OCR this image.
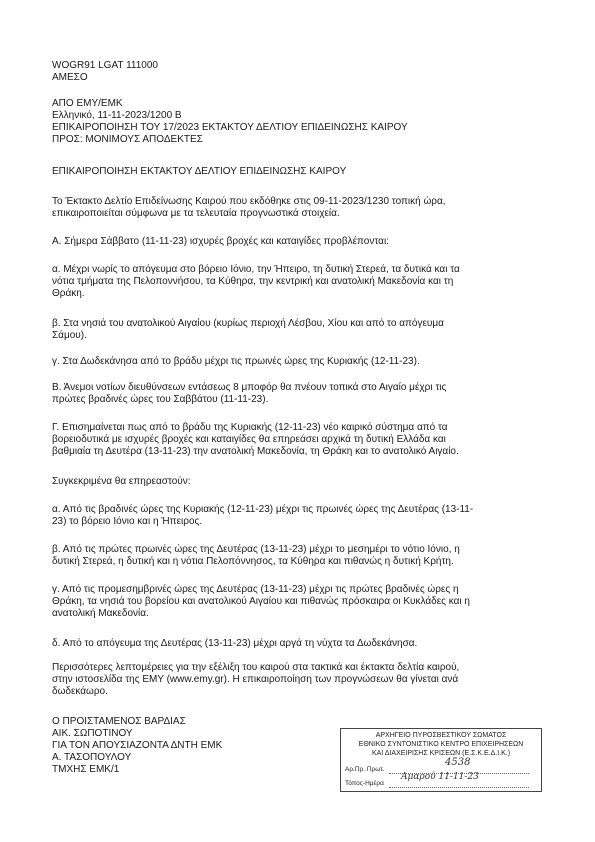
WOGR91 LGAT 111000
ΑΜΕΣΟ
ΑΠΟ ΕΜΥ/ΕΜΚ
Ελληνικό, 11-11-2023/1200 Β
ΕΠΙΚΑΙΡΟΠΟΙΗΣΗ ΤΟΥ 17/2023 ΕΚΤΑΚΤΟΥ ΔΕΛΤΙΟΥ ΕΠΙΔΕΙΝΩΣΗΣ ΚΑΙΡΟΥ
ΠΡΟΣ: ΜΟΝΙΜΟΥΣ ΑΠΟΔΕΚΤΕΣ
ΕΠΙΚΑΙΡΟΠΟΙΗΣΗ ΕΚΤΑΚΤΟΥ ΔΕΛΤΙΟΥ ΕΠΙΔΕΙΝΩΣΗΣ ΚΑΙΡΟΥ
Το Έκτακτο Δελτίο Επιδείνωσης Καιρού που εκδόθηκε στις 09-11-2023/1230 τοπική ώρα,
επικαιροποιείται σύμφωνα με τα τελευταία προγνωστικά στοιχεία.
Α. Σήμερα Σάββατο (11-11-23) ισχυρές βροχές και καταιγίδες προβλέπονται:
α. Μέχρι νωρίς το απόγευμα στο βόρειο Ιόνιο, την Ήπειρο, τη δυτική Στερεά, τα δυτικά και τα
νότια τμήματα της Πελοποννήσου, τα Κύθηρα, την κεντρική και ανατολική Μακεδονία και τη
Θράκη.
β. Στα νησιά του ανατολικού Αιγαίου (κυρίως περιοχή Λέσβου, Χίου και από το απόγευμα
Σάμου).
γ. Στα Δωδεκάνησα από το βράδυ μέχρι τις πρωινές ώρες της Κυριακής (12-11-23).
Β. Άνεμοι νοτίων διευθύνσεων εντάσεως 8 μποφόρ θα πνέουν τοπικά στο Αιγαίο μέχρι τις
πρώτες βραδινές ώρες του Σαββάτου (11-11-23).
Γ. Επισημαίνεται πως από το βράδυ της Κυριακής (12-11-23) νέο καιρικό σύστημα από τα
βορειοδυτικά με ισχυρές βροχές και καταιγίδες θα επηρεάσει αρχικά τη δυτική Ελλάδα και
βαθμιαία τη Δευτέρα (13-11-23) την ανατολική Μακεδονία, τη Θράκη και το ανατολικό Αιγαίο.
Συγκεκριμένα θα επηρεαστούν:
α. Από τις βραδινές ώρες της Κυριακής (12-11-23) μέχρι τις πρωινές ώρες της Δευτέρας (13-11-
23) το βόρειο Ιόνιο και η Ήπειρος.
β. Από τις πρώτες πρωινές ώρες της Δευτέρας (13-11-23) μέχρι το μεσημέρι το νότιο Ιόνιο, η
δυτική Στερεά, η δυτική και η νότια Πελοπόννησος, τα Κύθηρα και πιθανώς η δυτική Κρήτη.
γ. Από τις προμεσημβρινές ώρες της Δευτέρας (13-11-23) μέχρι τις πρώτες βραδινές ώρες η
Θράκη, τα νησιά του βορείου και ανατολικού Αιγαίου και πιθανώς πρόσκαιρα οι Κυκλάδες και η
ανατολική Μακεδονία.
δ. Από το απόγευμα της Δευτέρας (13-11-23) μέχρι αργά τη νύχτα τα Δωδεκάνησα.
Περισσότερες λεπτομέρειες για την εξέλιξη του καιρού στα τακτικά και έκτακτα δελτία καιρού,
στην ιστοσελίδα της ΕΜΥ (www.emy.gr). Η επικαιροποίηση των προγνώσεων θα γίνεται ανά
δωδεκάωρο.
Ο ΠΡΟΙΣΤΑΜΕΝΟΣ ΒΑΡΔΙΑΣ
ΑΙΚ. ΣΩΠΟΤΙΝΟΥ
ΓΙΑ ΤΟΝ ΑΠΟΥΣΙΑΖΟΝΤΑ ΔΝΤΗ ΕΜΚ
Α. ΤΑΣΟΠΟΥΛΟΥ
ΤΜΧΗΣ ΕΜΚ/1
ΑΡΧΗΓΕΙΟ ΠΥΡΟΣΒΕΣΤΙΚΟΥ ΣΩΜΑΤΟΣ
ΕΘΝΙΚΟ ΣΥΝΤΟΝΙΣΤΙΚΟ ΚΕΝΤΡΟ ΕΠΙΧΕΙΡΗΣΕΩΝ
ΚΑΙ ΔΙΑΧΕΙΡΙΣΗΣ ΚΡΙΣΕΩΝ (Ε.Σ.Κ.Ε.Δ.Ι.Κ.)
Αρ.Πρ. Πρωτ.
4538
Τόπος-Ημέρα
Αμαρού 11-11-23
